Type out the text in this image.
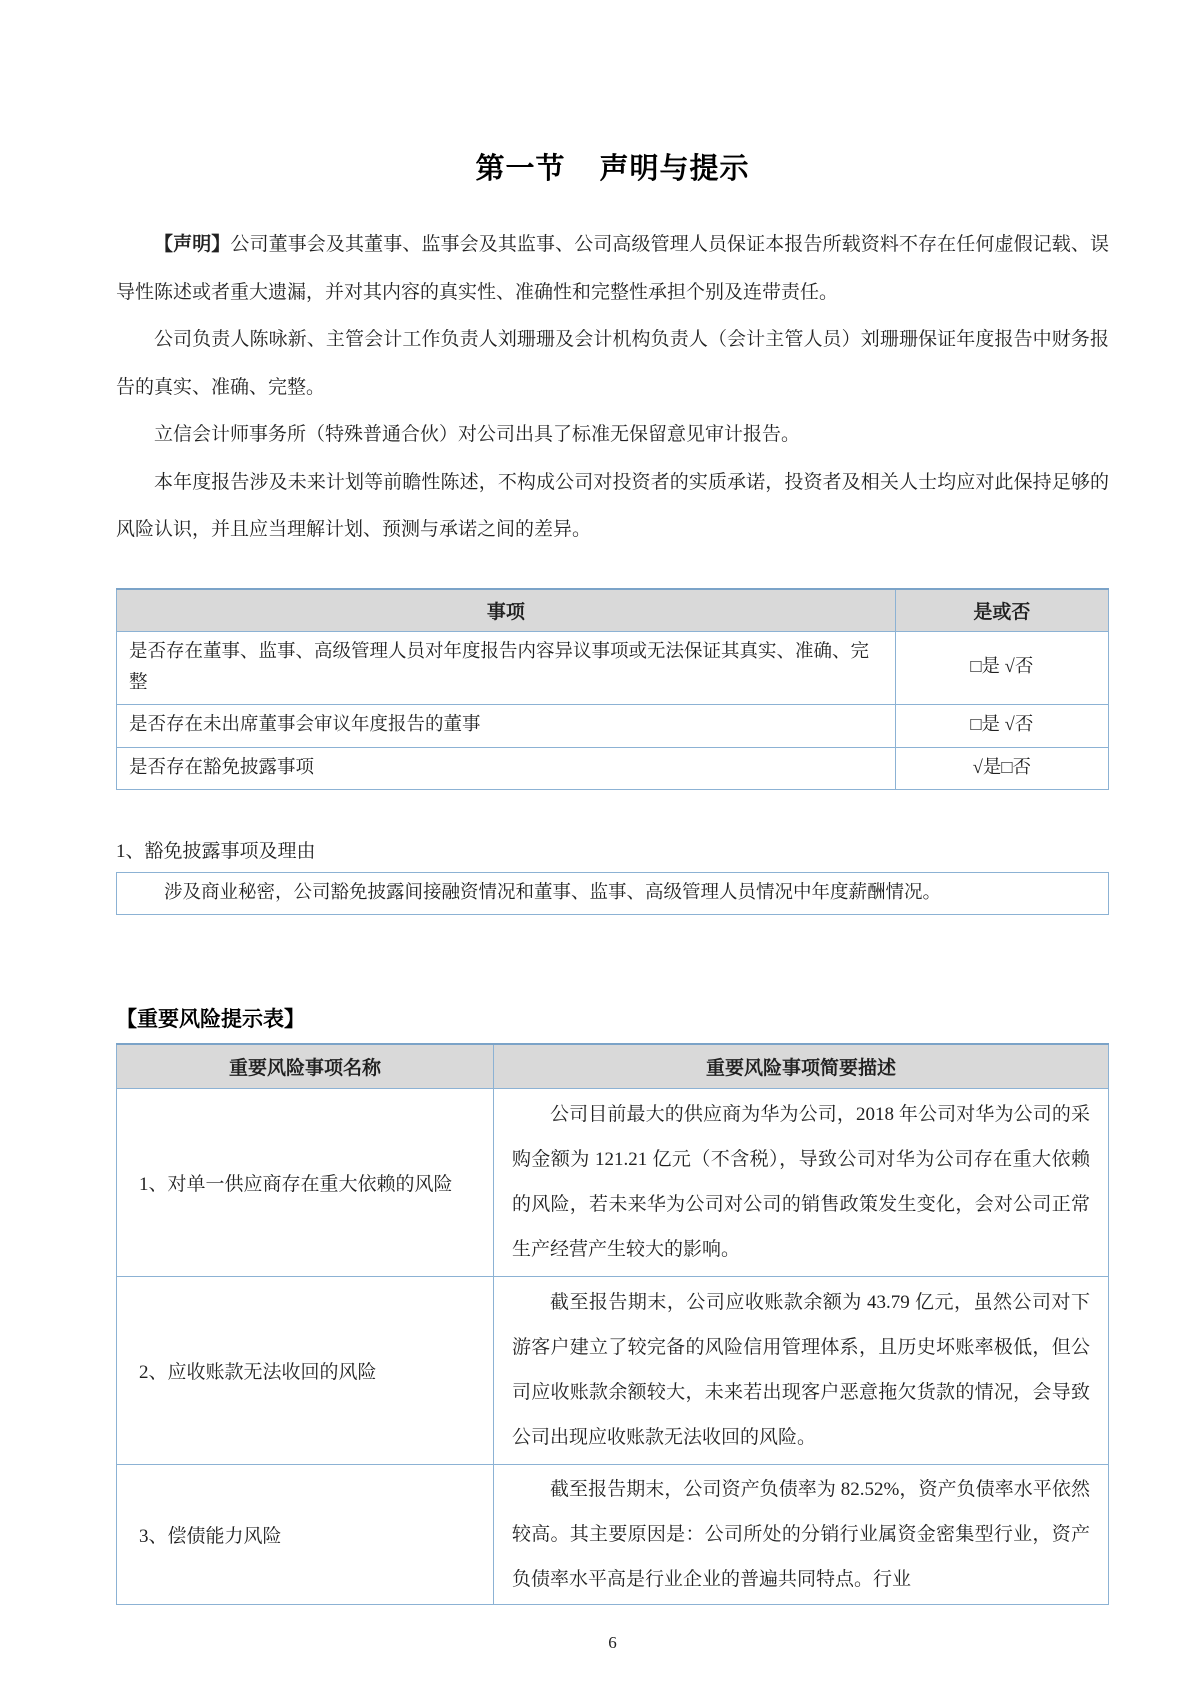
第一节 声明与提示

【声明】公司董事会及其董事、监事会及其监事、公司高级管理人员保证本报告所载资料不存在任何虚假记载、误导性陈述或者重大遗漏，并对其内容的真实性、准确性和完整性承担个别及连带责任。

公司负责人陈咏新、主管会计工作负责人刘珊珊及会计机构负责人（会计主管人员）刘珊珊保证年度报告中财务报告的真实、准确、完整。

立信会计师事务所（特殊普通合伙）对公司出具了标准无保留意见审计报告。

本年度报告涉及未来计划等前瞻性陈述，不构成公司对投资者的实质承诺，投资者及相关人士均应对此保持足够的风险认识，并且应当理解计划、预测与承诺之间的差异。

事项	是或否
是否存在董事、监事、高级管理人员对年度报告内容异议事项或无法保证其真实、准确、完整	□是 √否
是否存在未出席董事会审议年度报告的董事	□是 √否
是否存在豁免披露事项	√是□否
1、豁免披露事项及理由
涉及商业秘密，公司豁免披露间接融资情况和董事、监事、高级管理人员情况中年度薪酬情况。
【重要风险提示表】
重要风险事项名称	重要风险事项简要描述
1、对单一供应商存在重大依赖的风险	公司目前最大的供应商为华为公司，2018 年公司对华为公司的采购金额为 121.21 亿元（不含税），导致公司对华为公司存在重大依赖的风险，若未来华为公司对公司的销售政策发生变化，会对公司正常生产经营产生较大的影响。
2、应收账款无法收回的风险	截至报告期末，公司应收账款余额为 43.79 亿元，虽然公司对下游客户建立了较完备的风险信用管理体系，且历史坏账率极低，但公司应收账款余额较大，未来若出现客户恶意拖欠货款的情况，会导致公司出现应收账款无法收回的风险。
3、偿债能力风险	截至报告期末，公司资产负债率为 82.52%，资产负债率水平依然较高。其主要原因是：公司所处的分销行业属资金密集型行业，资产负债率水平高是行业企业的普遍共同特点。行业
6
